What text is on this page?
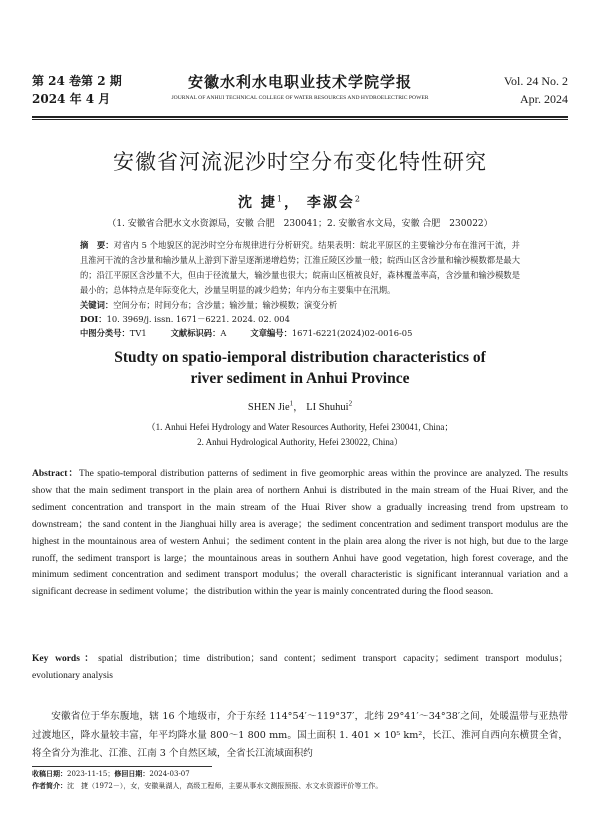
第 24 卷第 2 期
2024 年 4 月
安徽水利水电职业技术学院学报
JOURNAL OF ANHUI TECHNICAL COLLEGE OF WATER RESOURCES AND HYDROELECTRIC POWER
Vol. 24 No. 2
Apr. 2024
安徽省河流泥沙时空分布变化特性研究
沈 捷$^1$， 李淑会$^2$
（1. 安徽省合肥水文水资源局，安徽 合肥　230041；2. 安徽省水文局，安徽 合肥　230022）
摘　要：对省内 5 个地貌区的泥沙时空分布规律进行分析研究。结果表明：皖北平原区的主要输沙分布在淮河干流，并且淮河干流的含沙量和输沙量从上游到下游呈逐渐递增趋势；江淮丘陵区沙量一般；皖西山区含沙量和输沙模数都是最大的；沿江平原区含沙量不大，但由于径流量大，输沙量也很大；皖南山区植被良好，森林覆盖率高，含沙量和输沙模数是最小的；总体特点是年际变化大，沙量呈明显的减少趋势；年内分布主要集中在汛期。
关键词：空间分布；时间分布；含沙量；输沙量；输沙模数；演变分析
DOI：10. 3969/j. issn. 1671－6221. 2024. 02. 004
中图分类号：TV1	文献标识码：A	文章编号：1671-6221(2024)02-0016-05
Studty on spatio-iemporal distribution characteristics of
river sediment in Anhui Province
SHEN Jie$^1$， LI Shuhui$^2$
（1. Anhui Hefei Hydrology and Water Resources Authority, Hefei 230041, China；
2. Anhui Hydrological Authority, Hefei 230022, China）
Abstract：The spatio-temporal distribution patterns of sediment in five geomorphic areas within the province are analyzed. The results show that the main sediment transport in the plain area of northern Anhui is distributed in the main stream of the Huai River, and the sediment concentration and transport in the main stream of the Huai River show a gradually increasing trend from upstream to downstream；the sand content in the Jianghuai hilly area is average；the sediment concentration and sediment transport modulus are the highest in the mountainous area of western Anhui；the sediment content in the plain area along the river is not high, but due to the large runoff, the sediment transport is large；the mountainous areas in southern Anhui have good vegetation, high forest coverage, and the minimum sediment concentration and sediment transport modulus；the overall characteristic is significant interannual variation and a significant decrease in sediment volume；the distribution within the year is mainly concentrated during the flood season.
Key words：spatial distribution；time distribution；sand content；sediment transport capacity；sediment transport modulus；evolutionary analysis
安徽省位于华东腹地，辖 16 个地级市，介于东经 114°54′～119°37′，北纬 29°41′～34°38′之间，处暖温带与亚热带过渡地区，降水量较丰富，年平均降水量 800～1 800 mm。国土面积 1. 401 × 10⁵ km²，长江、淮河自西向东横贯全省，将全省分为淮北、江淮、江南 3 个自然区域，全省长江流域面积约
收稿日期：2023-11-15；修回日期：2024-03-07
作者简介：沈　捷（1972－），女，安徽巢湖人，高级工程师，主要从事水文测报预报、水文水资源评价等工作。
